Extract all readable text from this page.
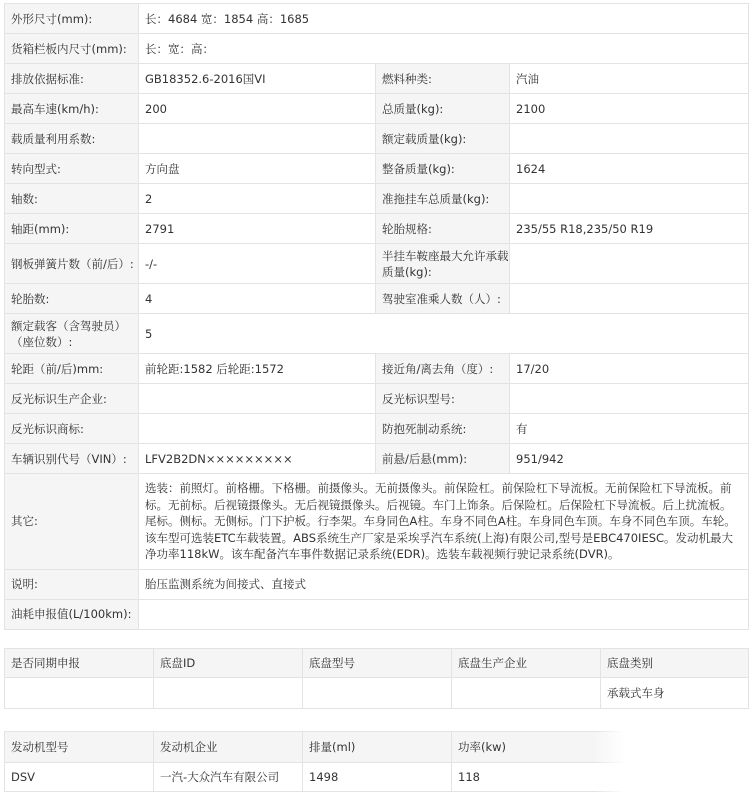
外形尺寸(mm):	长：4684 宽：1854 高：1685		
货箱栏板内尺寸(mm):	长：宽：高：		
排放依据标准:	GB18352.6-2016国VI	燃料种类:	汽油
最高车速(km/h):	200	总质量(kg):	2100
载质量利用系数:		额定载质量(kg):	
转向型式:	方向盘	整备质量(kg):	1624
轴数:	2	准拖挂车总质量(kg):	
轴距(mm):	2791	轮胎规格:	235/55 R18,235/50 R19
钢板弹簧片数（前/后）:	-/-	半挂车鞍座最大允许承载质量(kg):	
轮胎数:	4	驾驶室准乘人数（人）:	
额定载客（含驾驶员）（座位数）:	5		
轮距（前/后)mm:	前轮距:1582 后轮距:1572	接近角/离去角（度）:	17/20
反光标识生产企业:		反光标识型号:	
反光标识商标:		防抱死制动系统:	有
车辆识别代号（VIN）:	LFV2B2DN×××××××××	前悬/后悬(mm):	951/942
其它:	选装：前照灯。前格栅。下格栅。前摄像头。无前摄像头。前保险杠。前保险杠下导流板。无前保险杠下导流板。前标。无前标。后视镜摄像头。无后视镜摄像头。后视镜。车门上饰条。后保险杠。后保险杠下导流板。后上扰流板。尾标。侧标。无侧标。门下护板。行李架。车身同色A柱。车身不同色A柱。车身同色车顶。车身不同色车顶。车轮。该车型可选装ETC车载装置。ABS系统生产厂家是采埃孚汽车系统(上海)有限公司,型号是EBC470IESC。发动机最大净功率118kW。该车配备汽车事件数据记录系统(EDR)。选装车载视频行驶记录系统(DVR)。		
说明:	胎压监测系统为间接式、直接式		
油耗申报值(L/100km):			
是否同期申报	底盘ID	底盘型号	底盘生产企业	底盘类别
				承载式车身
发动机型号	发动机企业	排量(ml)	功率(kw)
DSV	一汽-大众汽车有限公司	1498	118
